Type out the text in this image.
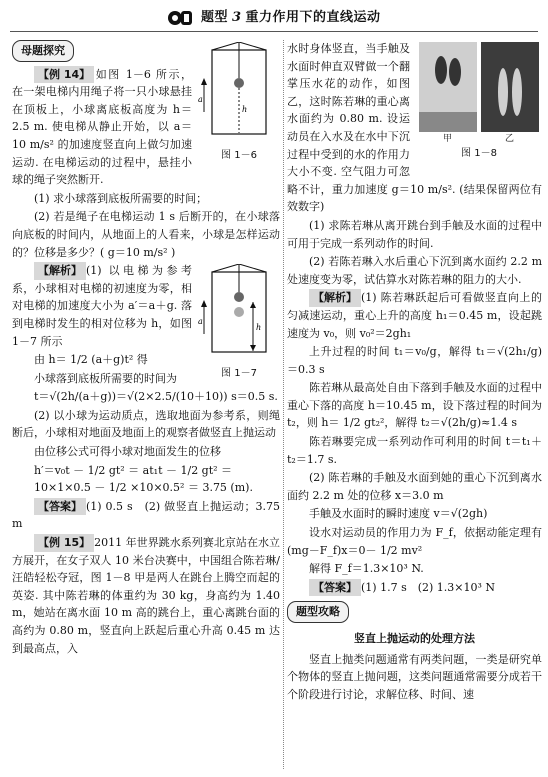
题型 3 重力作用下的直线运动
母题探究
a
h
图 1－6

【例 14】 如图 1－6 所示，在一架电梯内用绳子将一只小球悬挂在顶板上，小球离底板高度为 h＝2.5 m. 使电梯从静止开始，以 a＝10 m/s² 的加速度竖直向上做匀加速运动. 在电梯运动的过程中，悬挂小球的绳子突然断开.

(1) 求小球落到底板所需要的时间；

(2) 若是绳子在电梯运动 1 s 后断开的，在小球落向底板的时间内，从地面上的人看来，小球是怎样运动的？位移是多少？( g＝10 m/s² )

a
h
图 1－7

【解析】 (1) 以电梯为参考系，小球相对电梯的初速度为零，相对电梯的加速度大小为 a′＝a＋g. 落到电梯时发生的相对位移为 h，如图 1－7 所示

由 h＝ 1/2 (a＋g)t² 得

小球落到底板所需要的时间为

t＝√(2h/(a＋g))＝√(2×2.5/(10＋10)) s＝0.5 s.

(2) 以小球为运动质点，选取地面为参考系，则绳断后，小球相对地面及地面上的观察者做竖直上抛运动

由位移公式可得小球对地面发生的位移

h′＝v₀t － 1/2 gt² ＝ at₁t － 1/2 gt² ＝ 10×1×0.5 － 1/2 ×10×0.5² ＝ 3.75 (m).

【答案】 (1) 0.5 s　(2) 做竖直上抛运动；3.75 m

【例 15】 2011 年世界跳水系列赛北京站在水立方展开，在女子双人 10 米台决赛中，中国组合陈若琳/汪皓轻松夺冠，图 1－8 甲是两人在跳台上腾空而起的英姿. 其中陈若琳的体重约为 30 kg，身高约为 1.40 m，她站在离水面 10 m 高的跳台上，重心离跳台面的高约为 0.80 m，竖直向上跃起后重心升高 0.45 m 达到最高点，入

甲	乙
图 1－8

水时身体竖直，当手触及水面时伸直双臂做一个翻掌压水花的动作，如图乙，这时陈若琳的重心离水面约为 0.80 m. 设运动员在入水及在水中下沉过程中受到的水的作用力大小不变. 空气阻力可忽略不计，重力加速度 g＝10 m/s². (结果保留两位有效数字)

(1) 求陈若琳从离开跳台到手触及水面的过程中可用于完成一系列动作的时间.

(2) 若陈若琳入水后重心下沉到离水面约 2.2 m 处速度变为零，试估算水对陈若琳的阻力的大小.

【解析】 (1) 陈若琳跃起后可看做竖直向上的匀减速运动，重心上升的高度 h₁＝0.45 m，设起跳速度为 v₀，则 v₀²＝2gh₁

上升过程的时间 t₁＝v₀/g，解得 t₁＝√(2h₁/g)＝0.3 s

陈若琳从最高处自由下落到手触及水面的过程中重心下落的高度 h＝10.45 m，设下落过程的时间为 t₂，则 h＝ 1/2 gt₂²，解得 t₂＝√(2h/g)≈1.4 s

陈若琳要完成一系列动作可利用的时间 t＝t₁＋t₂＝1.7 s.

(2) 陈若琳的手触及水面到她的重心下沉到离水面约 2.2 m 处的位移 x＝3.0 m

手触及水面时的瞬时速度 v＝√(2gh)

设水对运动员的作用力为 F_f，依据动能定理有 (mg－F_f)x＝0－ 1/2 mv²

解得 F_f＝1.3×10³ N.

【答案】 (1) 1.7 s　(2) 1.3×10³ N

题型攻略
竖直上抛运动的处理方法

竖直上抛类问题通常有两类问题，一类是研究单个物体的竖直上抛问题，这类问题通常需要分成若干个阶段进行讨论，求解位移、时间、速
